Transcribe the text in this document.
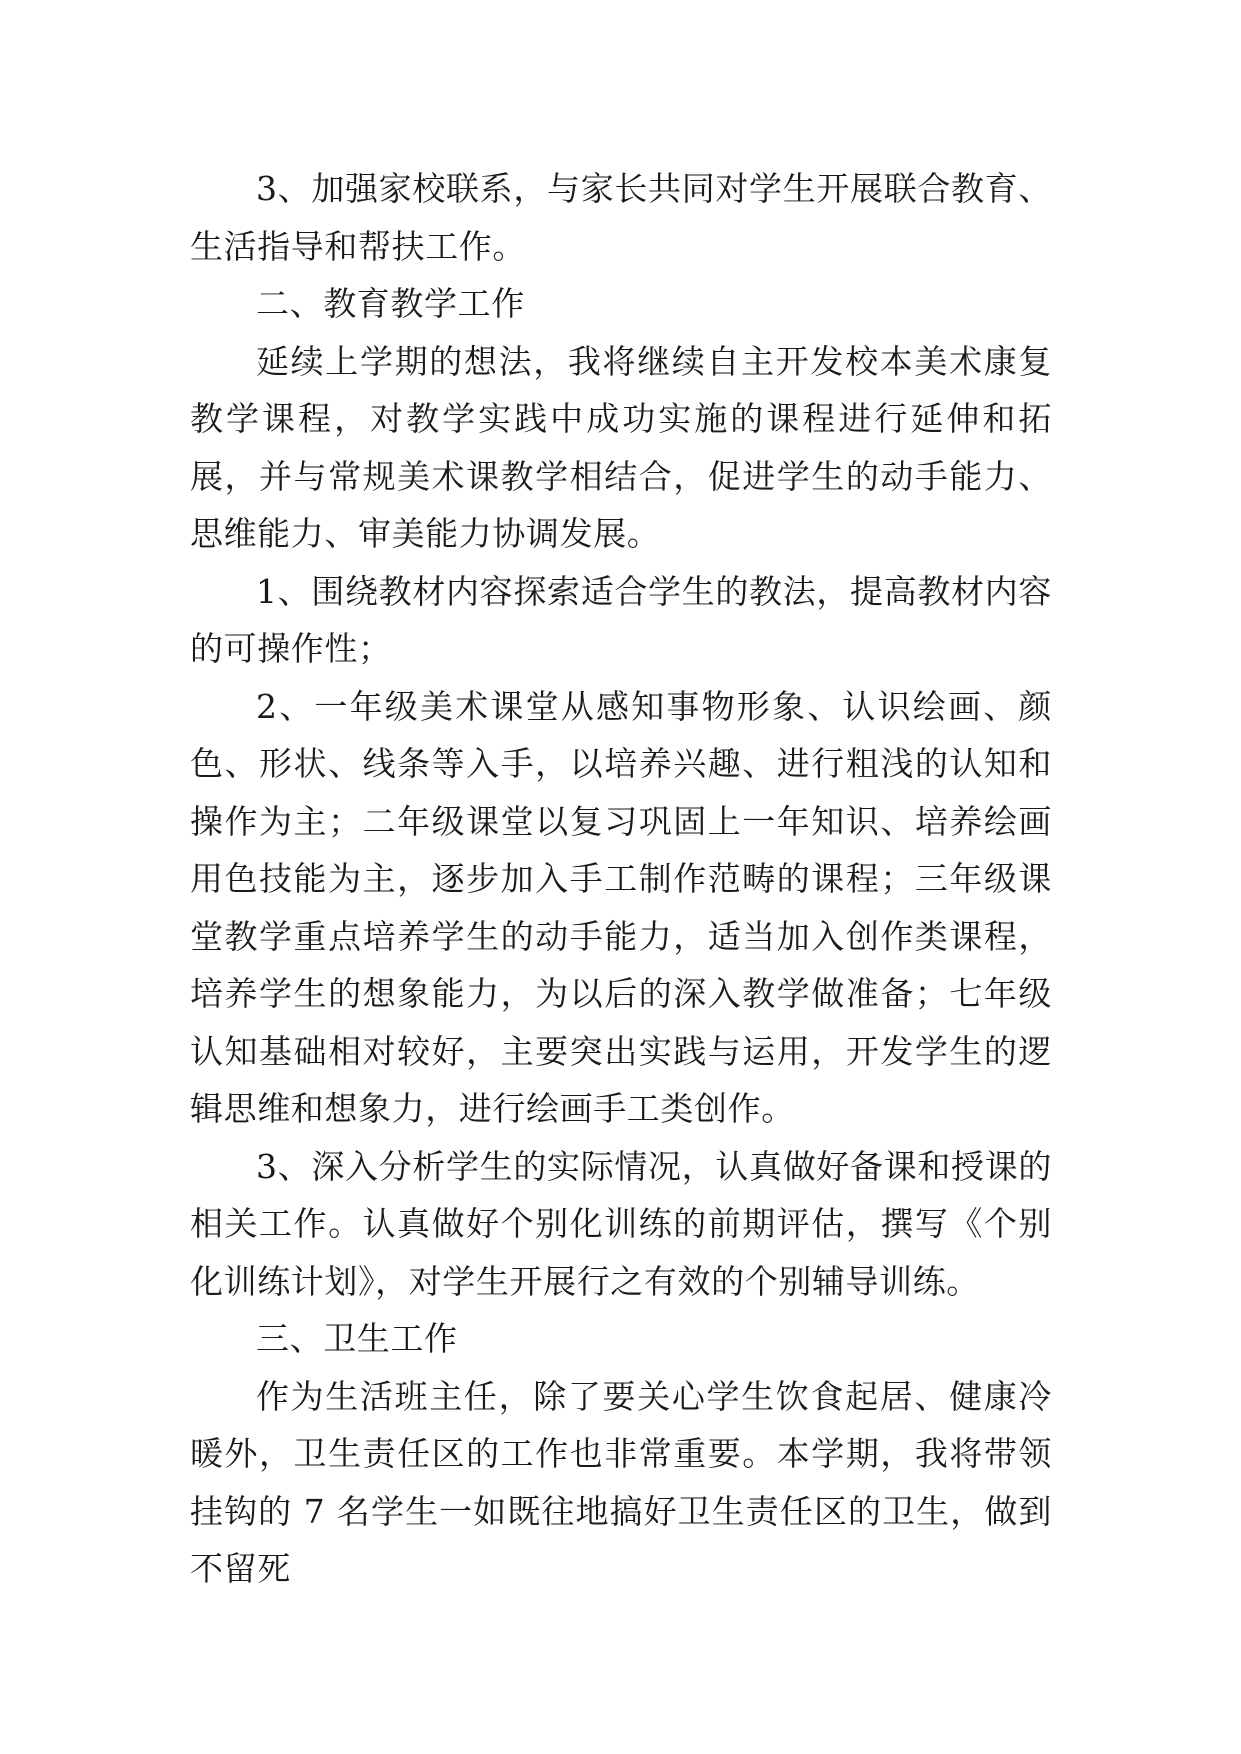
3、加强家校联系，与家长共同对学生开展联合教育、生活指导和帮扶工作。

二、教育教学工作

延续上学期的想法，我将继续自主开发校本美术康复教学课程，对教学实践中成功实施的课程进行延伸和拓展，并与常规美术课教学相结合，促进学生的动手能力、思维能力、审美能力协调发展。

1、围绕教材内容探索适合学生的教法，提高教材内容的可操作性；

2、一年级美术课堂从感知事物形象、认识绘画、颜色、形状、线条等入手，以培养兴趣、进行粗浅的认知和操作为主；二年级课堂以复习巩固上一年知识、培养绘画用色技能为主，逐步加入手工制作范畴的课程；三年级课堂教学重点培养学生的动手能力，适当加入创作类课程，培养学生的想象能力，为以后的深入教学做准备；七年级认知基础相对较好，主要突出实践与运用，开发学生的逻辑思维和想象力，进行绘画手工类创作。

3、深入分析学生的实际情况，认真做好备课和授课的相关工作。认真做好个别化训练的前期评估，撰写《个别化训练计划》，对学生开展行之有效的个别辅导训练。

三、卫生工作

作为生活班主任，除了要关心学生饮食起居、健康冷暖外，卫生责任区的工作也非常重要。本学期，我将带领挂钩的 7 名学生一如既往地搞好卫生责任区的卫生，做到不留死
